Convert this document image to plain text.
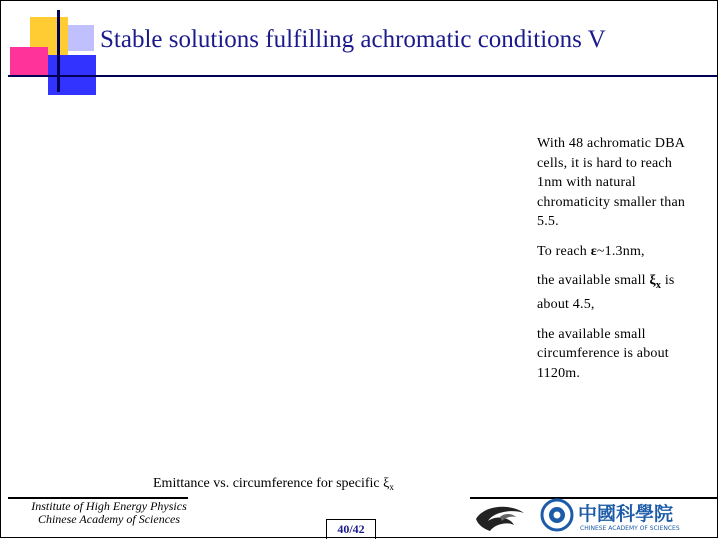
Stable solutions fulfilling achromatic conditions V

With 48 achromatic DBA cells, it is hard to reach 1nm with natural chromaticity smaller than 5.5.

To reach ε~1.3nm,

the available small $\xi_x$ is about 4.5,

the available small circumference is about 1120m.

Emittance vs. circumference for specific $\xi_x$
Institute of High Energy Physics
Chinese Academy of Sciences
40/42
中國科學院
CHINESE ACADEMY OF SCIENCES
